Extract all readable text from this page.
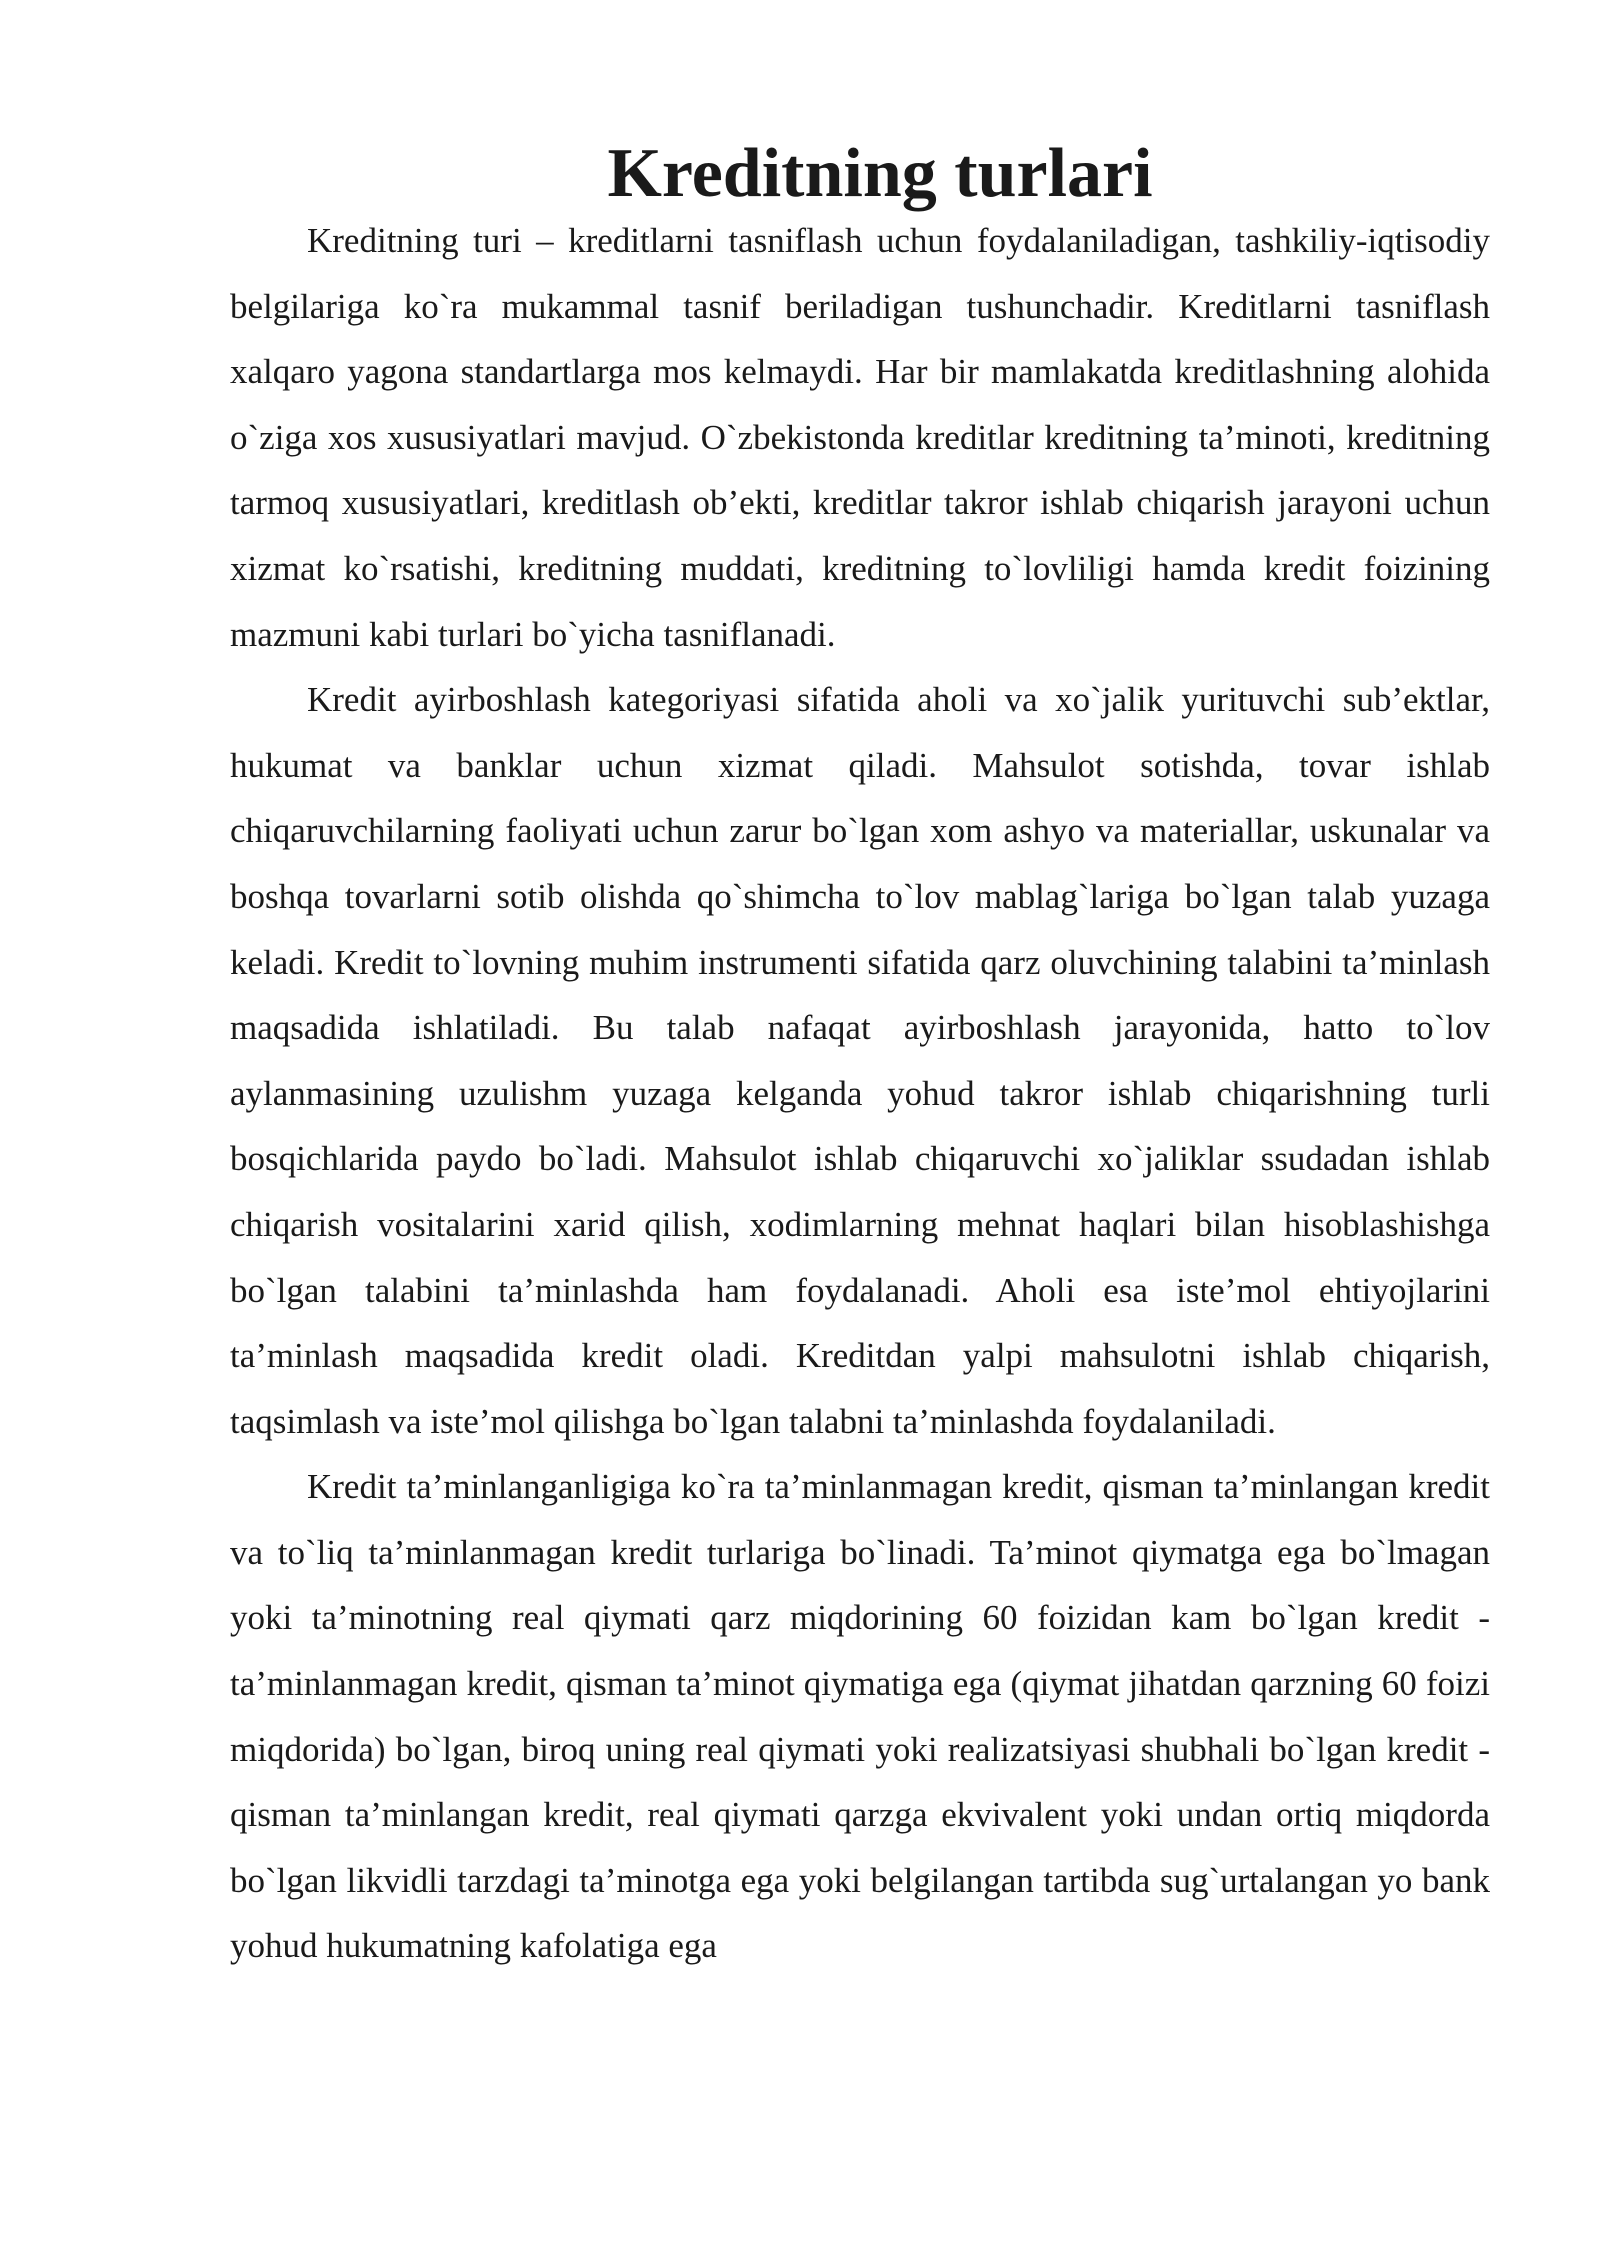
Kreditning turlari

Kreditning turi – kreditlarni tasniflash uchun foydalaniladigan, tashkiliy-iqtisodiy belgilariga ko`ra mukammal tasnif beriladigan tushunchadir. Kreditlarni tasniflash xalqaro yagona standartlarga mos kelmaydi. Har bir mamlakatda kreditlashning alohida o`ziga xos xususiyatlari mavjud. O`zbekistonda kreditlar kreditning ta’minoti, kreditning tarmoq xususiyatlari, kreditlash ob’ekti, kreditlar takror ishlab chiqarish jarayoni uchun xizmat ko`rsatishi, kreditning muddati, kreditning to`lovliligi hamda kredit foizining mazmuni kabi turlari bo`yicha tasniflanadi.

Kredit ayirboshlash kategoriyasi sifatida aholi va xo`jalik yurituvchi sub’ektlar, hukumat va banklar uchun xizmat qiladi. Mahsulot sotishda, tovar ishlab chiqaruvchilarning faoliyati uchun zarur bo`lgan xom ashyo va materiallar, uskunalar va boshqa tovarlarni sotib olishda qo`shimcha to`lov mablag`lariga bo`lgan talab yuzaga keladi. Kredit to`lovning muhim instrumenti sifatida qarz oluvchining talabini ta’minlash maqsadida ishlatiladi. Bu talab nafaqat ayirboshlash jarayonida, hatto to`lov aylanmasining uzulishm yuzaga kelganda yohud takror ishlab chiqarishning turli bosqichlarida paydo bo`ladi. Mahsulot ishlab chiqaruvchi xo`jaliklar ssudadan ishlab chiqarish vositalarini xarid qilish, xodimlarning mehnat haqlari bilan hisoblashishga bo`lgan talabini ta’minlashda ham foydalanadi. Aholi esa iste’mol ehtiyojlarini ta’minlash maqsadida kredit oladi. Kreditdan yalpi mahsulotni ishlab chiqarish, taqsimlash va iste’mol qilishga bo`lgan talabni ta’minlashda foydalaniladi.

Kredit ta’minlanganligiga ko`ra ta’minlanmagan kredit, qisman ta’minlangan kredit va to`liq ta’minlanmagan kredit turlariga bo`linadi. Ta’minot qiymatga ega bo`lmagan yoki ta’minotning real qiymati qarz miqdorining 60 foizidan kam bo`lgan kredit - ta’minlanmagan kredit, qisman ta’minot qiymatiga ega (qiymat jihatdan qarzning 60 foizi miqdorida) bo`lgan, biroq uning real qiymati yoki realizatsiyasi shubhali bo`lgan kredit - qisman ta’minlangan kredit, real qiymati qarzga ekvivalent yoki undan ortiq miqdorda bo`lgan likvidli tarzdagi ta’minotga ega yoki belgilangan tartibda sug`urtalangan yo bank yohud hukumatning kafolatiga ega
